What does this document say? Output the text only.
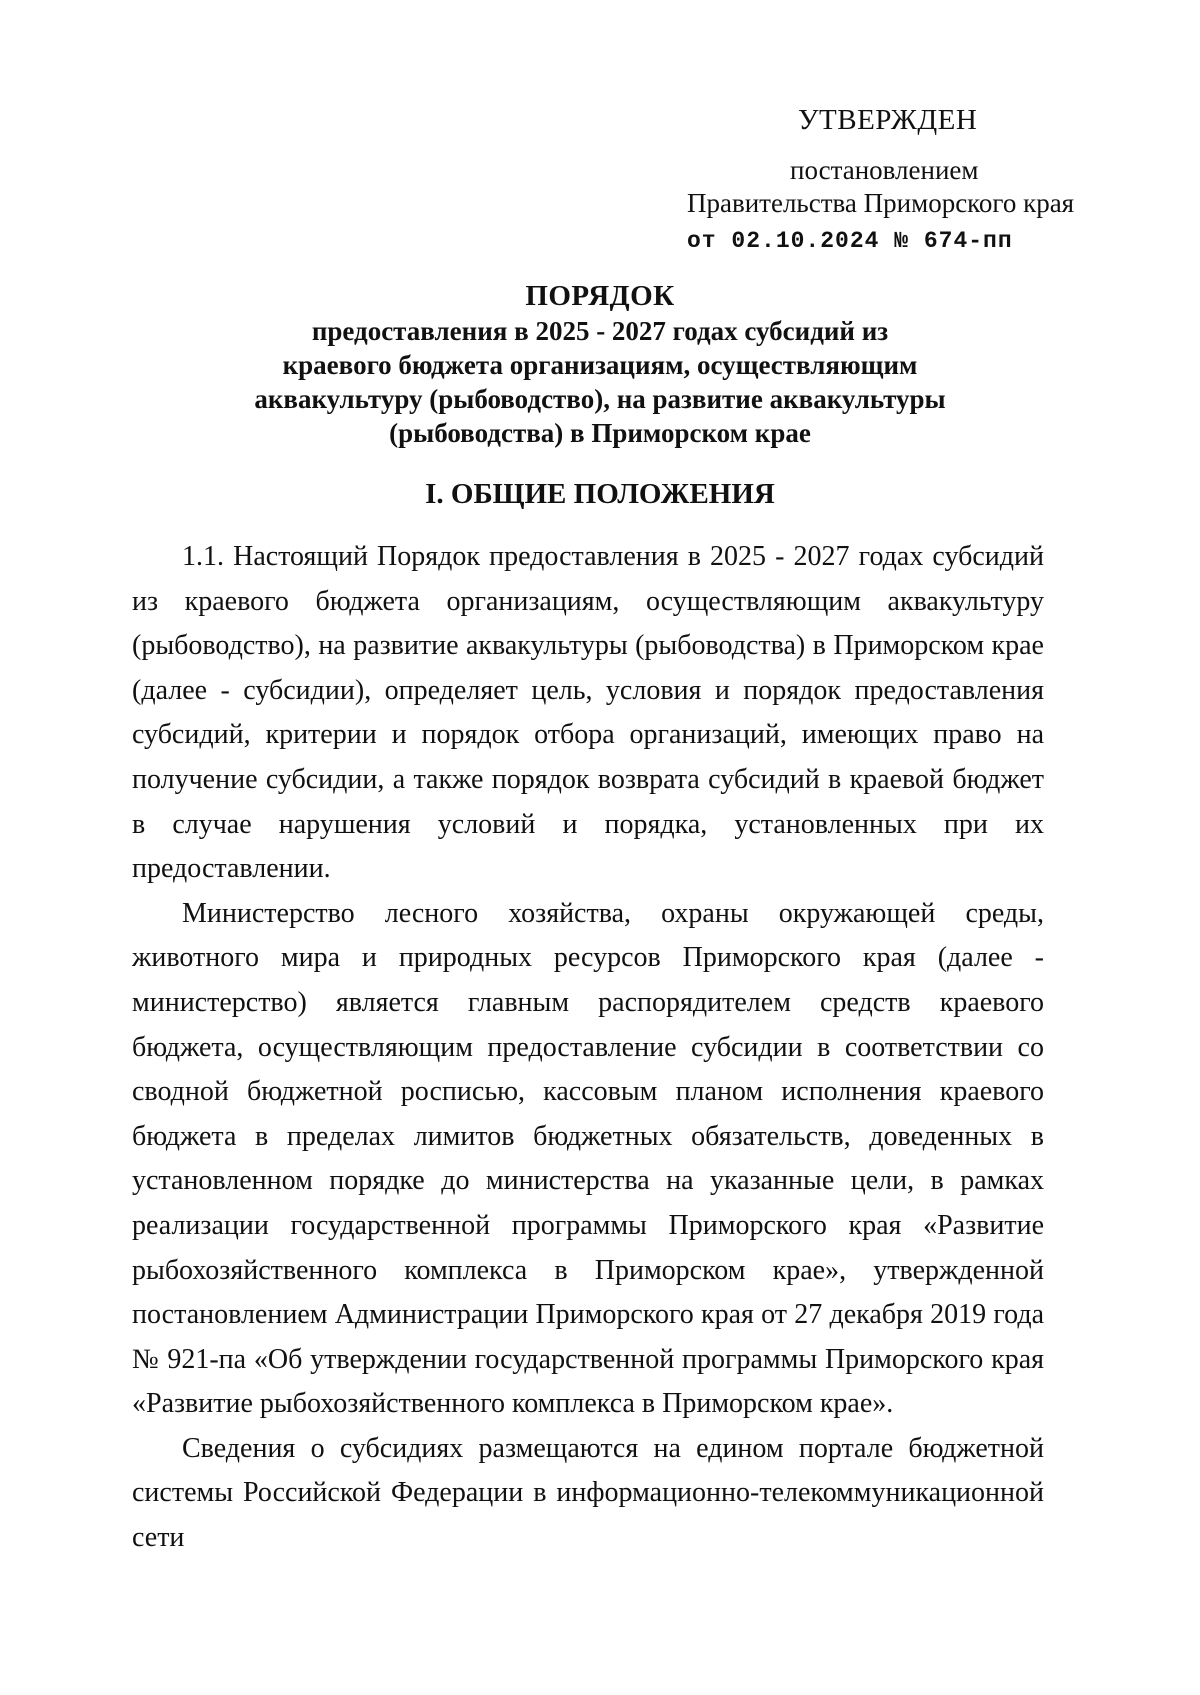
УТВЕРЖДЕН
постановлением
Правительства Приморского края
от 02.10.2024 № 674-пп
ПОРЯДОК

предоставления в 2025 - 2027 годах субсидий из

краевого бюджета организациям, осуществляющим

аквакультуру (рыбоводство), на развитие аквакультуры

(рыбоводства) в Приморском крае

I. ОБЩИЕ ПОЛОЖЕНИЯ

1.1. Настоящий Порядок предоставления в 2025 - 2027 годах субсидий из краевого бюджета организациям, осуществляющим аквакультуру (рыбоводство), на развитие аквакультуры (рыбоводства) в Приморском крае (далее - субсидии), определяет цель, условия и порядок предоставления субсидий, критерии и порядок отбора организаций, имеющих право на получение субсидии, а также порядок возврата субсидий в краевой бюджет в случае нарушения условий и порядка, установленных при их предоставлении.

Министерство лесного хозяйства, охраны окружающей среды, животного мира и природных ресурсов Приморского края (далее - министерство) является главным распорядителем средств краевого бюджета, осуществляющим предоставление субсидии в соответствии со сводной бюджетной росписью, кассовым планом исполнения краевого бюджета в пределах лимитов бюджетных обязательств, доведенных в установленном порядке до министерства на указанные цели, в рамках реализации государственной программы Приморского края «Развитие рыбохозяйственного комплекса в Приморском крае», утвержденной постановлением Администрации Приморского края от 27 декабря 2019 года № 921-па «Об утверждении государственной программы Приморского края «Развитие рыбохозяйственного комплекса в Приморском крае».

Сведения о субсидиях размещаются на едином портале бюджетной системы Российской Федерации в информационно-телекоммуникационной сети
